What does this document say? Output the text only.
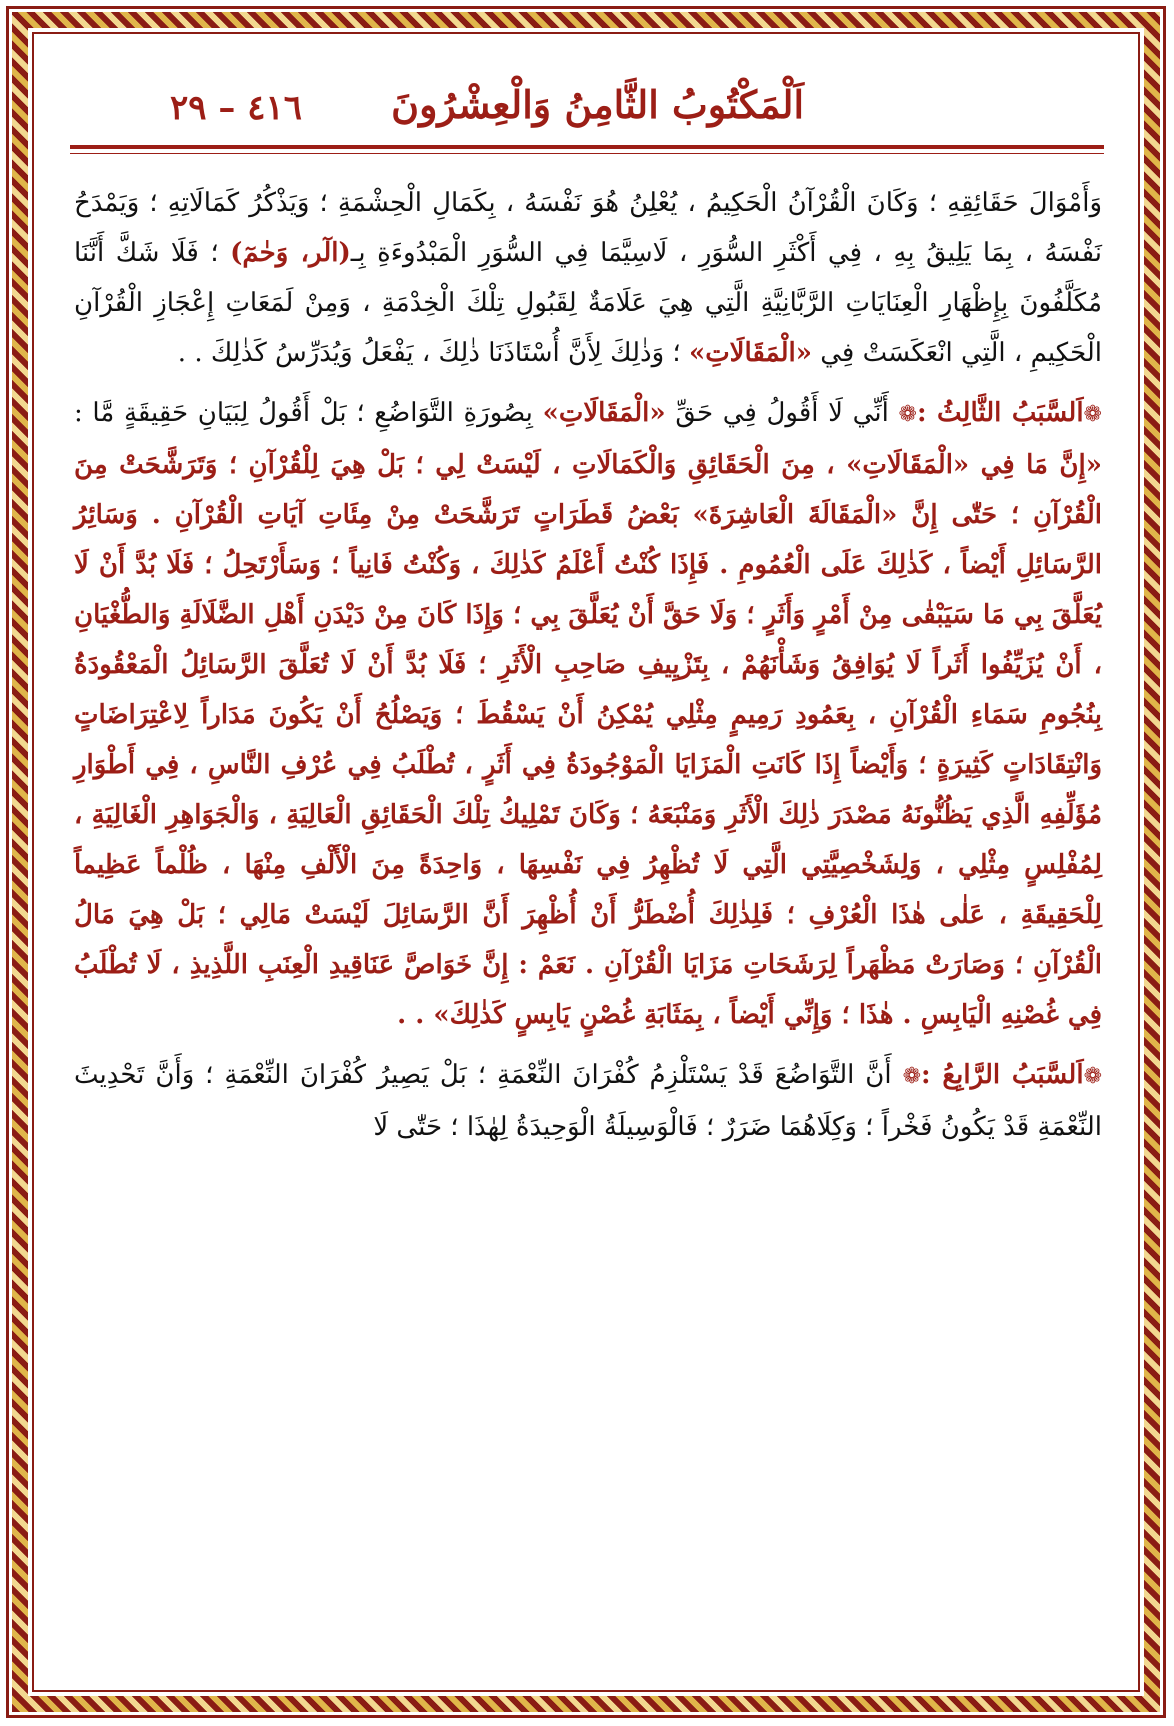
اَلْمَكْتُوبُ الثَّامِنُ وَالْعِشْرُونَ
٤١٦ – ٢٩

وَأَمْوَالَ حَقَائِقِهِ ؛ وَكَانَ الْقُرْآنُ الْحَكِيمُ ، يُعْلِنُ هُوَ نَفْسَهُ ، بِكَمَالِ الْحِشْمَةِ ؛ وَيَذْكُرُ كَمَالَاتِهِ ؛ وَيَمْدَحُ نَفْسَهُ ، بِمَا يَلِيقُ بِهِ ، فِي أَكْثَرِ السُّوَرِ ، لَاسِيَّمَا فِي السُّوَرِ الْمَبْدُوءَةِ بِـ(الٓر، وَحٰمٓ) ؛ فَلَا شَكَّ أَنَّنَا مُكَلَّفُونَ بِإِظْهَارِ الْعِنَايَاتِ الرَّبَّانِيَّةِ الَّتِي هِيَ عَلَامَةٌ لِقَبُولِ تِلْكَ الْخِدْمَةِ ، وَمِنْ لَمَعَاتِ إِعْجَازِ الْقُرْآنِ الْحَكِيمِ ، الَّتِي انْعَكَسَتْ فِي «الْمَقَالَاتِ» ؛ وَذٰلِكَ لِأَنَّ أُسْتَاذَنَا ذٰلِكَ ، يَفْعَلُ وَيُدَرِّسُ كَذٰلِكَ . .

❁اَلسَّبَبُ الثَّالِثُ :❁ أَنِّي لَا أَقُولُ فِي حَقِّ «الْمَقَالَاتِ» بِصُورَةِ التَّوَاضُعِ ؛ بَلْ أَقُولُ لِبَيَانِ حَقِيقَةٍ مَّا : «إِنَّ مَا فِي «الْمَقَالَاتِ» ، مِنَ الْحَقَائِقِ وَالْكَمَالَاتِ ، لَيْسَتْ لِي ؛ بَلْ هِيَ لِلْقُرْآنِ ؛ وَتَرَشَّحَتْ مِنَ الْقُرْآنِ ؛ حَتّٰى إِنَّ «الْمَقَالَةَ الْعَاشِرَةَ» بَعْضُ قَطَرَاتٍ تَرَشَّحَتْ مِنْ مِئَاتِ آيَاتِ الْقُرْآنِ . وَسَائِرُ الرَّسَائِلِ أَيْضاً ، كَذٰلِكَ عَلَى الْعُمُومِ . فَإِذَا كُنْتُ أَعْلَمُ كَذٰلِكَ ، وَكُنْتُ فَانِياً ؛ وَسَأَرْتَحِلُ ؛ فَلَا بُدَّ أَنْ لَا يُعَلَّقَ بِي مَا سَيَبْقٰى مِنْ أَمْرٍ وَأَثَرٍ ؛ وَلَا حَقَّ أَنْ يُعَلَّقَ بِي ؛ وَإِذَا كَانَ مِنْ دَيْدَنِ أَهْلِ الضَّلَالَةِ وَالطُّغْيَانِ ، أَنْ يُزَيِّفُوا أَثَراً لَا يُوَافِقُ وَشَأْنَهُمْ ، بِتَزْيِيفِ صَاحِبِ الْأَثَرِ ؛ فَلَا بُدَّ أَنْ لَا تُعَلَّقَ الرَّسَائِلُ الْمَعْقُودَةُ بِنُجُومِ سَمَاءِ الْقُرْآنِ ، بِعَمُودِ رَمِيمٍ مِثْلِي يُمْكِنُ أَنْ يَسْقُطَ ؛ وَيَصْلُحُ أَنْ يَكُونَ مَدَاراً لِاعْتِرَاضَاتٍ وَانْتِقَادَاتٍ كَثِيرَةٍ ؛ وَأَيْضاً إِذَا كَانَتِ الْمَزَايَا الْمَوْجُودَةُ فِي أَثَرٍ ، تُطْلَبُ فِي عُرْفِ النَّاسِ ، فِي أَطْوَارِ مُؤَلِّفِهِ الَّذِي يَظُنُّونَهُ مَصْدَرَ ذٰلِكَ الْأَثَرِ وَمَنْبَعَهُ ؛ وَكَانَ تَمْلِيكُ تِلْكَ الْحَقَائِقِ الْعَالِيَةِ ، وَالْجَوَاهِرِ الْغَالِيَةِ ، لِمُفْلِسٍ مِثْلِي ، وَلِشَخْصِيَّتِي الَّتِي لَا تُظْهِرُ فِي نَفْسِهَا ، وَاحِدَةً مِنَ الْأَلْفِ مِنْهَا ، ظُلْماً عَظِيماً لِلْحَقِيقَةِ ، عَلٰى هٰذَا الْعُرْفِ ؛ فَلِذٰلِكَ أُضْطَرُّ أَنْ أُظْهِرَ أَنَّ الرَّسَائِلَ لَيْسَتْ مَالِي ؛ بَلْ هِيَ مَالُ الْقُرْآنِ ؛ وَصَارَتْ مَظْهَراً لِرَشَحَاتِ مَزَايَا الْقُرْآنِ . نَعَمْ : إِنَّ خَوَاصَّ عَنَاقِيدِ الْعِنَبِ اللَّذِيذِ ، لَا تُطْلَبُ فِي غُصْنِهِ الْيَابِسِ . هٰذَا ؛ وَإِنِّي أَيْضاً ، بِمَثَابَةِ غُصْنٍ يَابِسٍ كَذٰلِكَ» . .

❁اَلسَّبَبُ الرَّابِعُ :❁ أَنَّ التَّوَاضُعَ قَدْ يَسْتَلْزِمُ كُفْرَانَ النِّعْمَةِ ؛ بَلْ يَصِيرُ كُفْرَانَ النِّعْمَةِ ؛ وَأَنَّ تَحْدِيثَ النِّعْمَةِ قَدْ يَكُونُ فَخْراً ؛ وَكِلَاهُمَا ضَرَرٌ ؛ فَالْوَسِيلَةُ الْوَحِيدَةُ لِهٰذَا ؛ حَتّٰى لَا
